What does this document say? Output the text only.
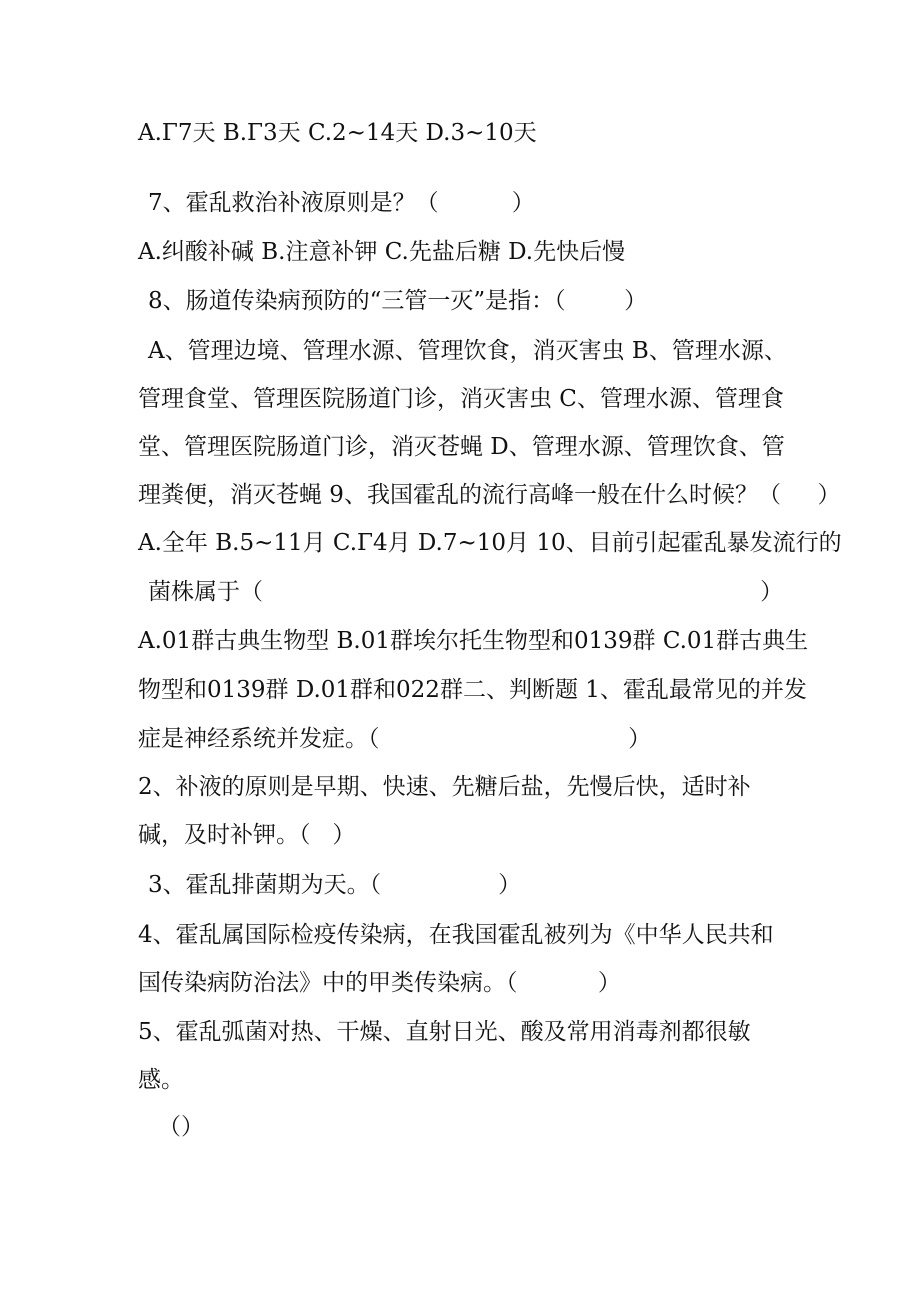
A.Γ7天 B.Γ3天 C.2~14天 D.3~10天
7、霍乱救治补液原则是？（          ）
A.纠酸补碱 B.注意补钾 C.先盐后糖 D.先快后慢
8、肠道传染病预防的“三管一灭”是指：（        ）
A、管理边境、管理水源、管理饮食，消灭害虫 B、管理水源、
管理食堂、管理医院肠道门诊，消灭害虫 C、管理水源、管理食
堂、管理医院肠道门诊，消灭苍蝇 D、管理水源、管理饮食、管
理粪便，消灭苍蝇 9、我国霍乱的流行高峰一般在什么时候？（     ）
A.全年 B.5~11月 C.Γ4月 D.7~10月 10、目前引起霍乱暴发流行的
菌株属于（                                                                    ）
A.01群古典生物型 B.01群埃尔托生物型和0139群 C.01群古典生
物型和0139群 D.01群和022群二、判断题 1、霍乱最常见的并发
症是神经系统并发症。（                                  ）
2、补液的原则是早期、快速、先糖后盐，先慢后快，适时补
碱，及时补钾。（   ）
3、霍乱排菌期为天。（                ）
4、霍乱属国际检疫传染病，在我国霍乱被列为《中华人民共和
国传染病防治法》中的甲类传染病。（           ）
5、霍乱弧菌对热、干燥、直射日光、酸及常用消毒剂都很敏
感。
（）
